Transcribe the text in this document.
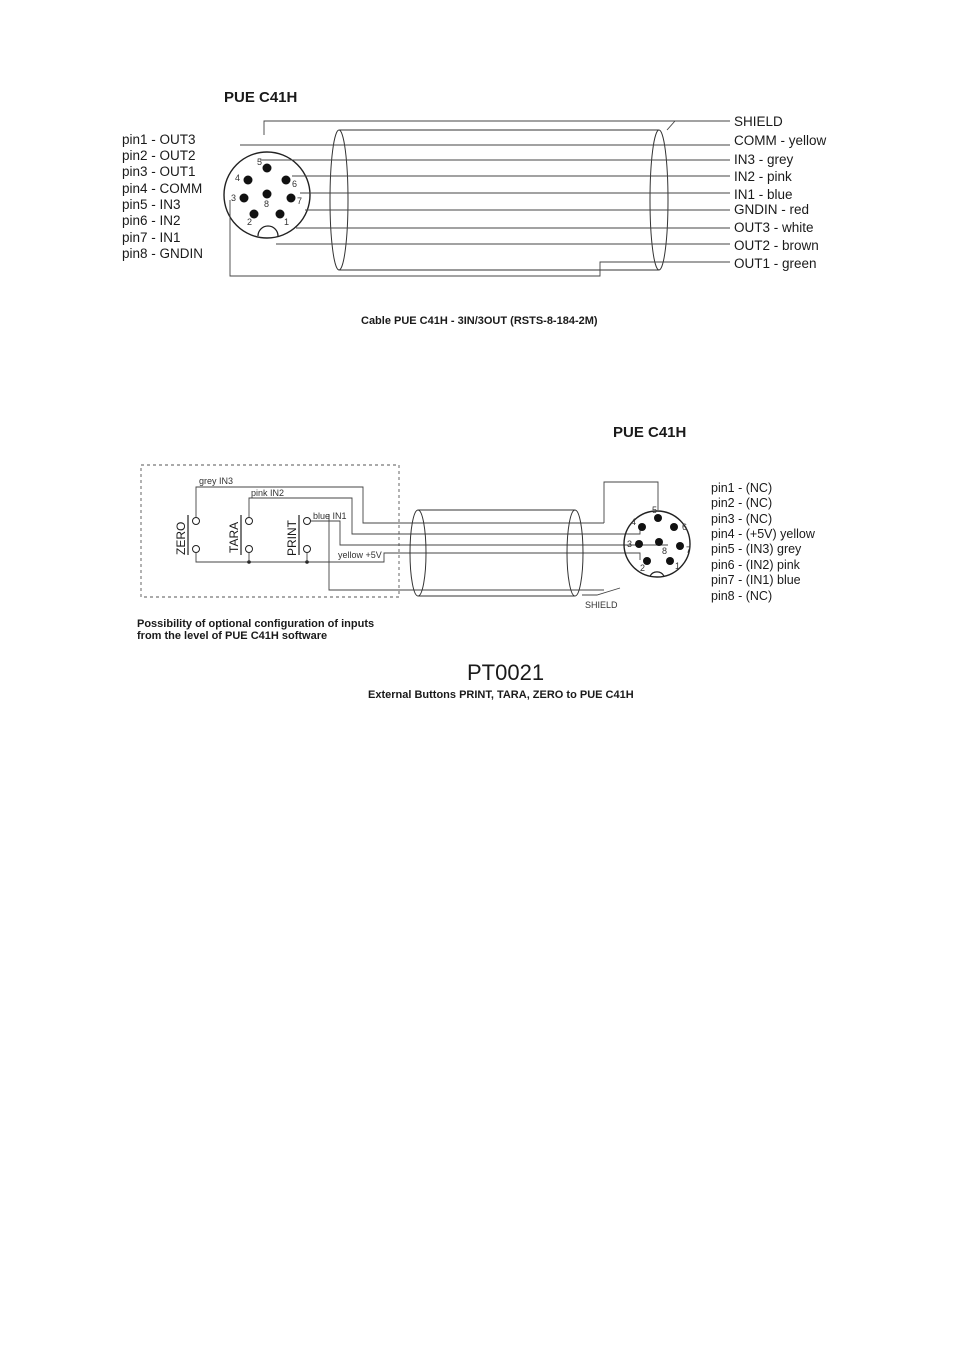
PUE C41H
pin1 - OUT3
pin2 - OUT2
pin3 - OUT1
pin4 - COMM
pin5 - IN3
pin6 - IN2
pin7 - IN1
pin8 - GNDIN
5
4
6
3
8	7
2	1
SHIELD
COMM - yellow
IN3 - grey
IN2 - pink
IN1 - blue
GNDIN - red
OUT3 - white
OUT2 - brown
OUT1 - green
Cable PUE C41H - 3IN/3OUT (RSTS-8-184-2M)
PUE C41H
ZERO	TARA	PRINT
grey IN3
pink IN2
blue IN1
yellow +5V
SHIELD
5
4	6
3
8 7
2	1
pin1 - (NC)
pin2 - (NC)
pin3 - (NC)
pin4 - (+5V) yellow
pin5 - (IN3) grey
pin6 - (IN2) pink
pin7 - (IN1) blue
pin8 - (NC)
Possibility of optional configuration of inputs
from the level of PUE C41H software
PT0021
External Buttons PRINT, TARA, ZERO to PUE C41H
